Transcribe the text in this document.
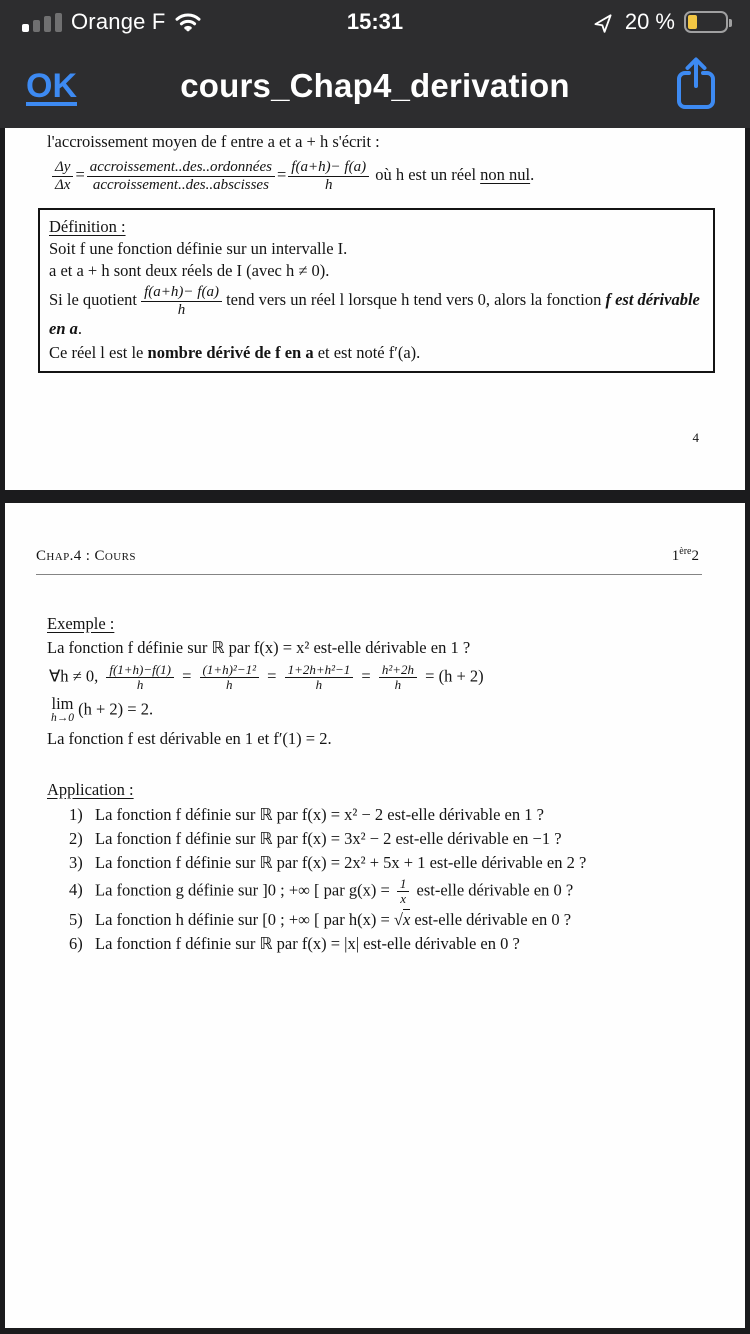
Orange F	15:31	20 %
OK	cours_Chap4_derivation
l'accroissement moyen de f entre a et a + h s'écrit :
$\frac{\Delta y}{\Delta x} = \frac{\text{accroissement..des..ordonnées}}{\text{accroissement..des..abscisses}} = \frac{f(a+h)- f(a)}{h}$ où h est un réel non nul.
Définition :
Soit f une fonction définie sur un intervalle I.
a et a + h sont deux réels de I (avec h ≠ 0).
Si le quotient $\frac{f(a+h)- f(a)}{h}$ tend vers un réel l lorsque h tend vers 0, alors la fonction f est dérivable en a.
Ce réel l est le nombre dérivé de f en a et est noté f′(a).
4
Chap.4 : Cours	1ère2
Exemple :
La fonction f définie sur ℝ par f(x) = x² est-elle dérivable en 1 ?
∀h ≠ 0, $\frac{f(1+h)-f(1)}{h} = \frac{\text{(1+h)²−1²}}{h} = \frac{\text{1+2h+h²−1}}{h} = \frac{\text{h²+2h}}{h} = (h + 2)$
lim
h→0
(h + 2) = 2.
La fonction f est dérivable en 1 et f′(1) = 2.
Application :
1) La fonction f définie sur ℝ par f(x) = x² − 2 est-elle dérivable en 1 ?
2) La fonction f définie sur ℝ par f(x) = 3x² − 2 est-elle dérivable en −1 ?
3) La fonction f définie sur ℝ par f(x) = 2x² + 5x + 1 est-elle dérivable en 2 ?
4) La fonction g définie sur ]0 ; +∞ [ par $g(x) = \frac{1}{x}$ est-elle dérivable en 0 ?
5) La fonction h définie sur [0 ; +∞ [ par h(x) = √x est-elle dérivable en 0 ?
6) La fonction f définie sur ℝ par f(x) = |x| est-elle dérivable en 0 ?
